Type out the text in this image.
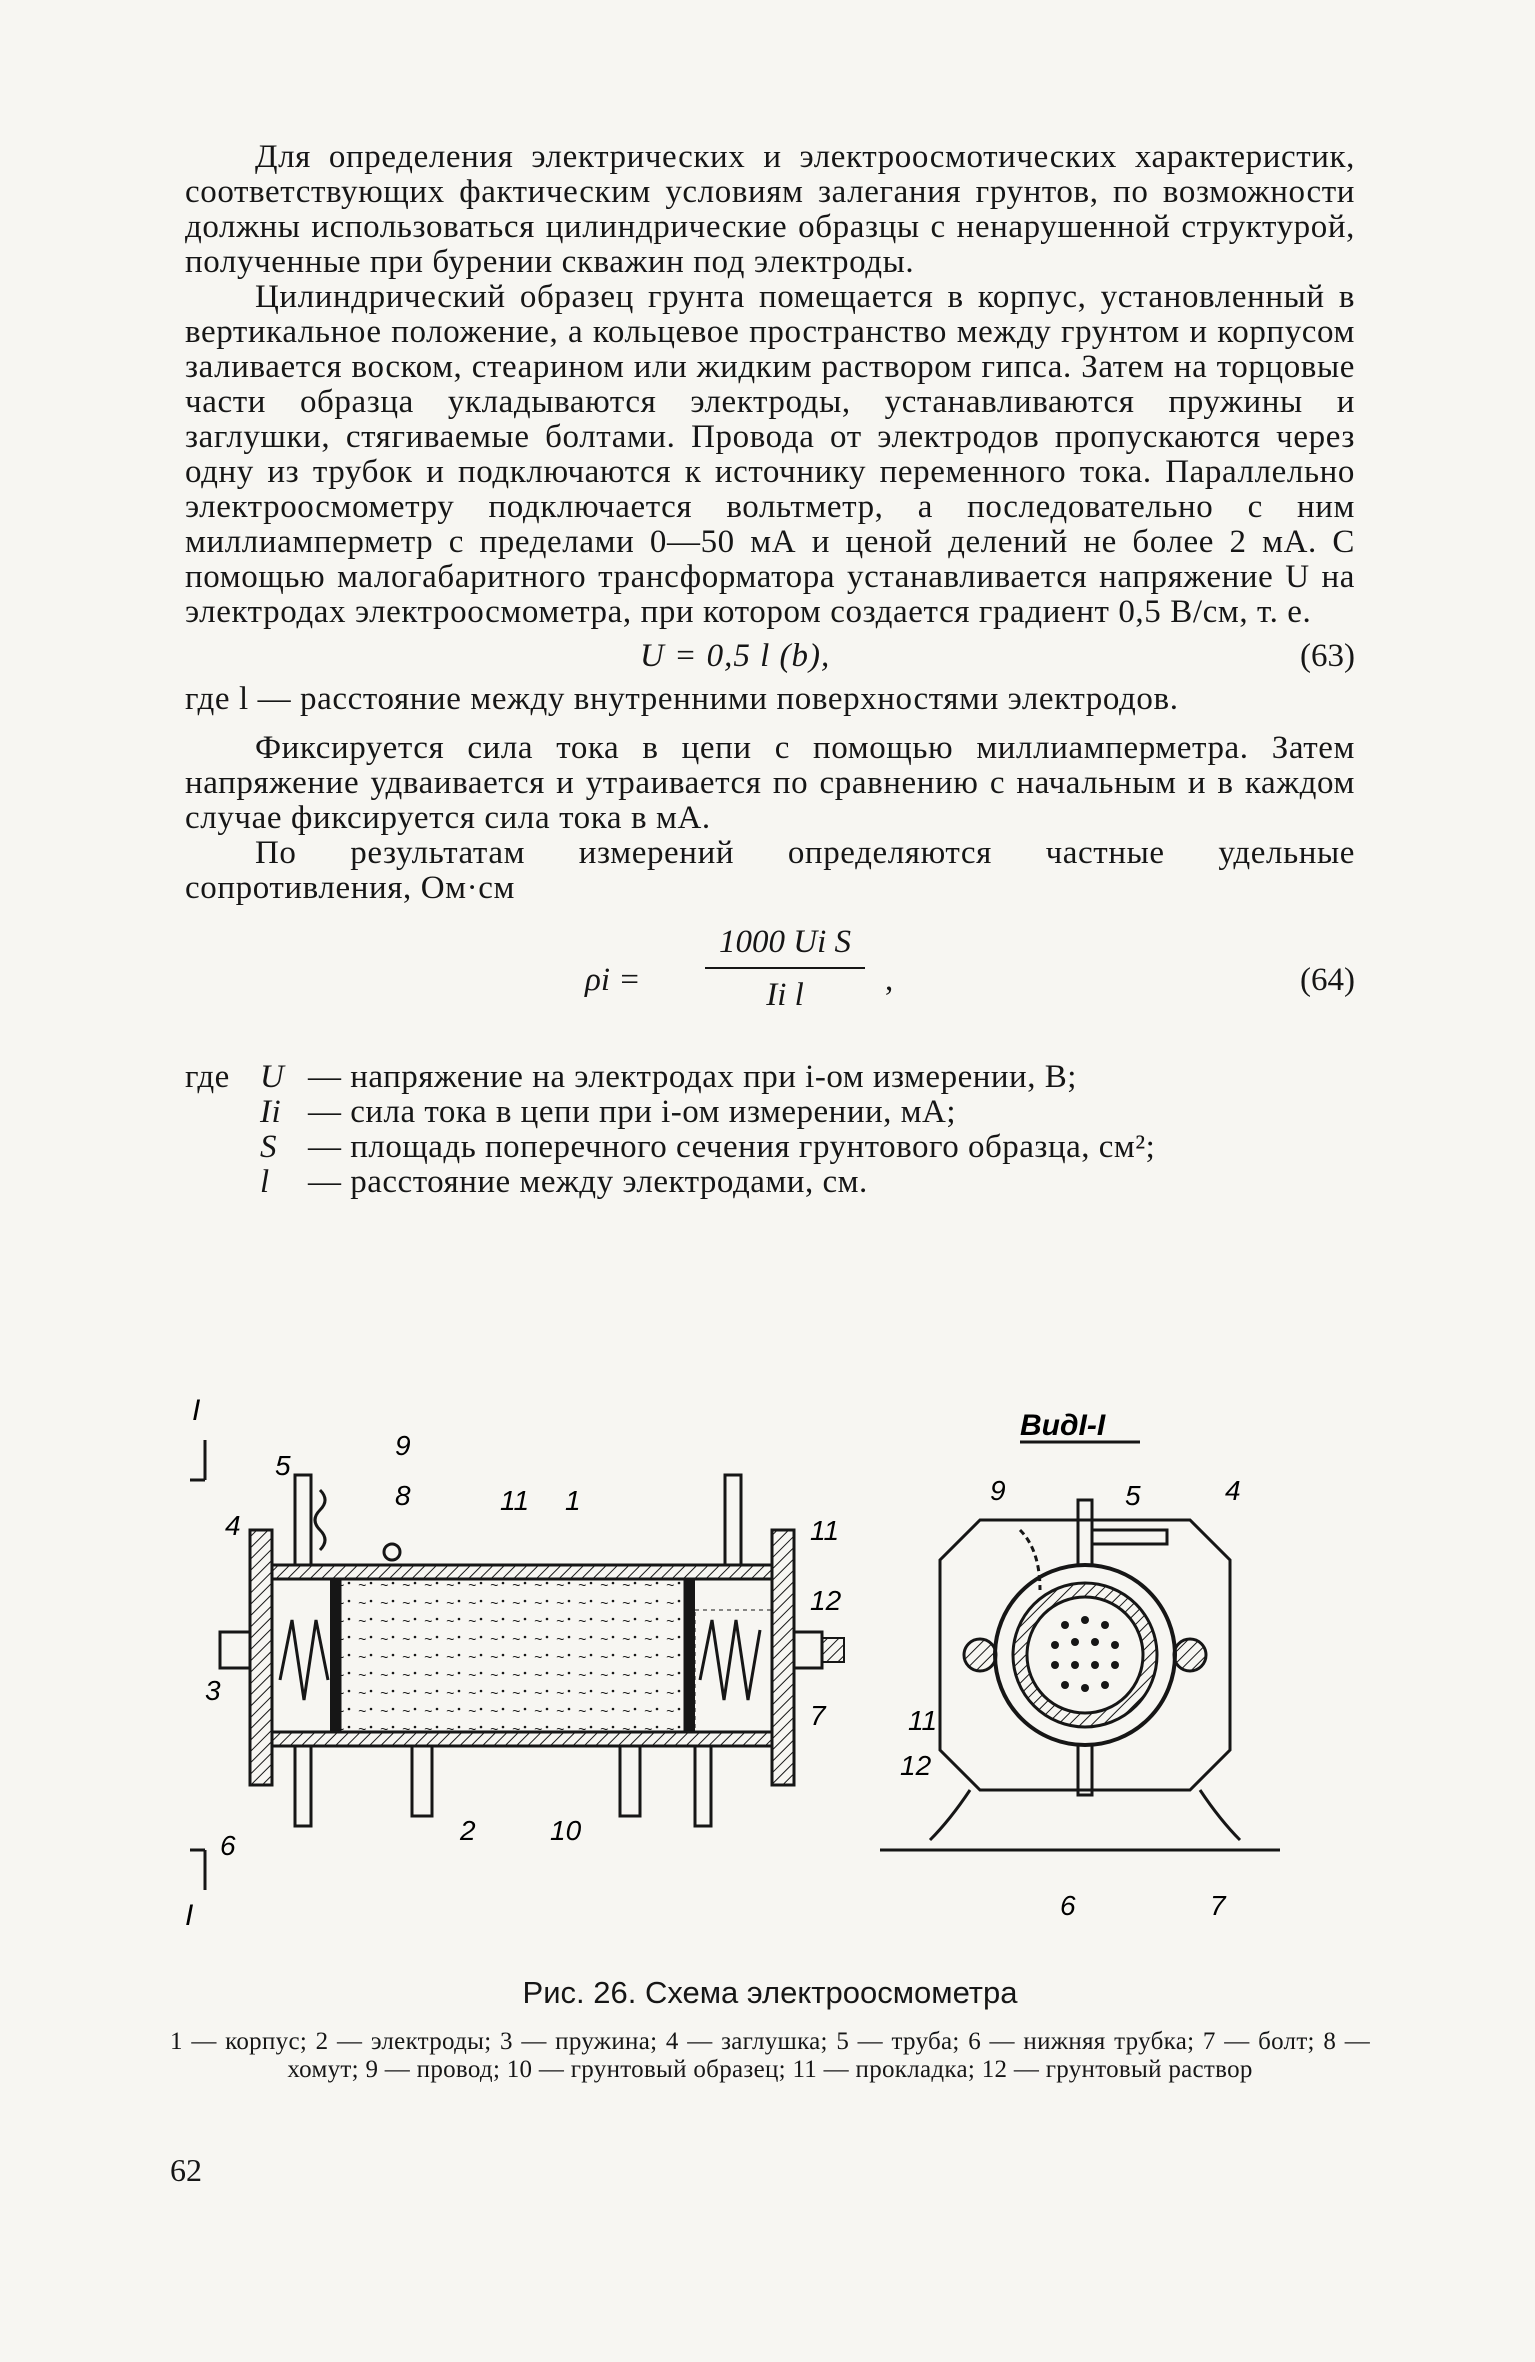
Для определения электрических и электроосмотических характеристик, соответствующих фактическим условиям залегания грунтов, по возможности должны использоваться цилиндрические образцы с ненарушенной структурой, полученные при бурении скважин под электроды.

Цилиндрический образец грунта помещается в корпус, установленный в вертикальное положение, а кольцевое пространство между грунтом и корпусом заливается воском, стеарином или жидким раствором гипса. Затем на торцовые части образца укладываются электроды, устанавливаются пружины и заглушки, стягиваемые болтами. Провода от электродов пропускаются через одну из трубок и подключаются к источнику переменного тока. Параллельно электроосмометру подключается вольтметр, а последовательно с ним миллиамперметр с пределами 0—50 мА и ценой делений не более 2 мА. С помощью малогабаритного трансформатора устанавливается напряжение U на электродах электроосмометра, при котором создается градиент 0,5 В/см, т. е.

U = 0,5 l (b),	(63)

где l — расстояние между внутренними поверхностями электродов.

Фиксируется сила тока в цепи с помощью миллиамперметра. Затем напряжение удваивается и утраивается по сравнению с начальным и в каждом случае фиксируется сила тока в мА.

По результатам измерений определяются частные удельные сопротивления, Ом·см

$\rho i = \frac{\text{1000 Ui S}}{\text{Ii l}}$ ,	(64)
где U — напряжение на электродах при i-ом измерении, В;
Ii — сила тока в цепи при i-ом измерении, мА;
S — площадь поперечного сечения грунтового образца, см²;
l	— расстояние между электродами, см.
I
I
5
4
3
6
8
9
11 1
2	10
11
12
7
ВидI-I
4
5
9
11
12
6	7
Рис. 26. Схема электроосмометра
1 — корпус; 2 — электроды; 3 — пружина; 4 — заглушка; 5 — труба; 6 — нижняя трубка; 7 — болт; 8 — хомут; 9 — провод; 10 — грунтовый образец; 11 — прокладка; 12 — грунтовый раствор
62
